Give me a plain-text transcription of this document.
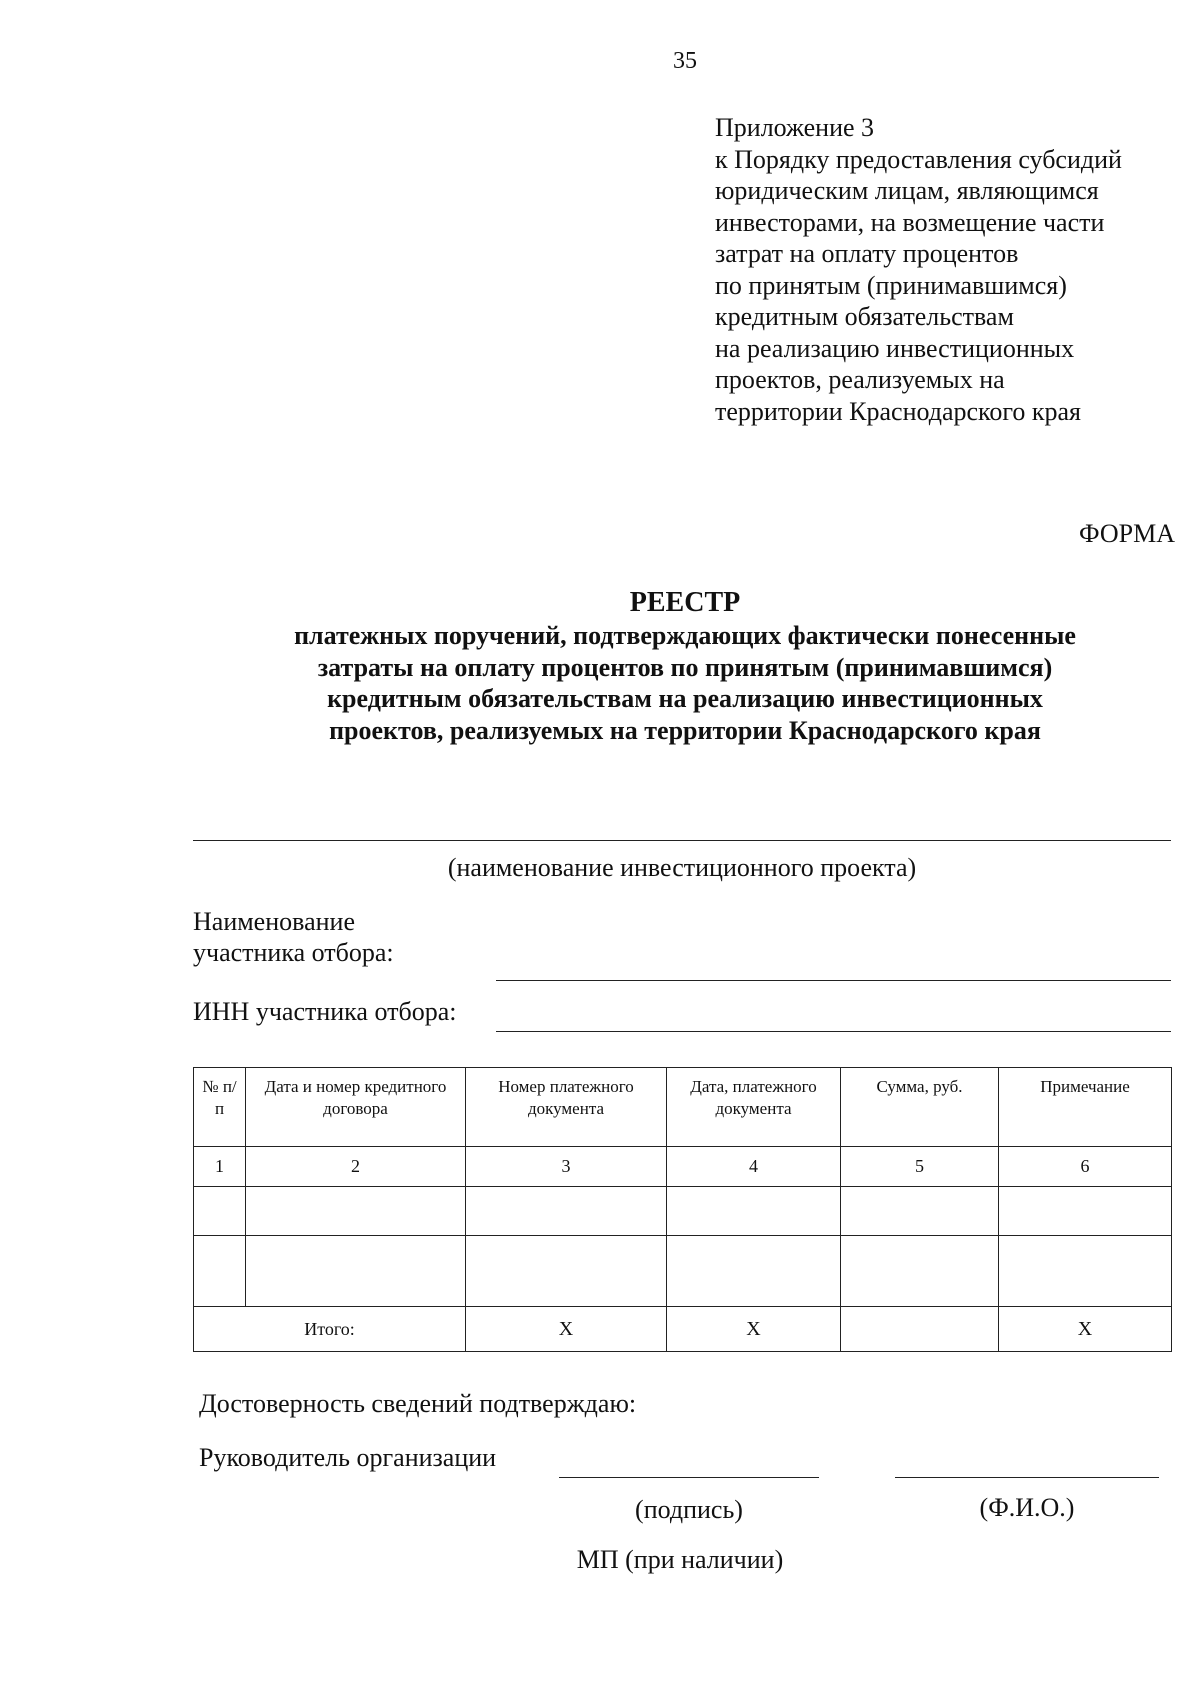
35
Приложение 3
к Порядку предоставления субсидий
юридическим лицам, являющимся
инвесторами, на возмещение части
затрат на оплату процентов
по принятым (принимавшимся)
кредитным обязательствам
на реализацию инвестиционных
проектов, реализуемых на
территории Краснодарского края
ФОРМА
РЕЕСТР
платежных поручений, подтверждающих фактически понесенные
затраты на оплату процентов по принятым (принимавшимся)
кредитным обязательствам на реализацию инвестиционных
проектов, реализуемых на территории Краснодарского края
(наименование инвестиционного проекта)
Наименование
участника отбора:
ИНН участника отбора:
№ п/п	Дата и номер кредитного договора	Номер платежного документа	Дата, платежного документа	Сумма, руб.	Примечание
1	2	3	4	5	6

Итого:		Х	Х		Х
Достоверность сведений подтверждаю:
Руководитель организации
(подпись)	(Ф.И.О.)
МП (при наличии)
